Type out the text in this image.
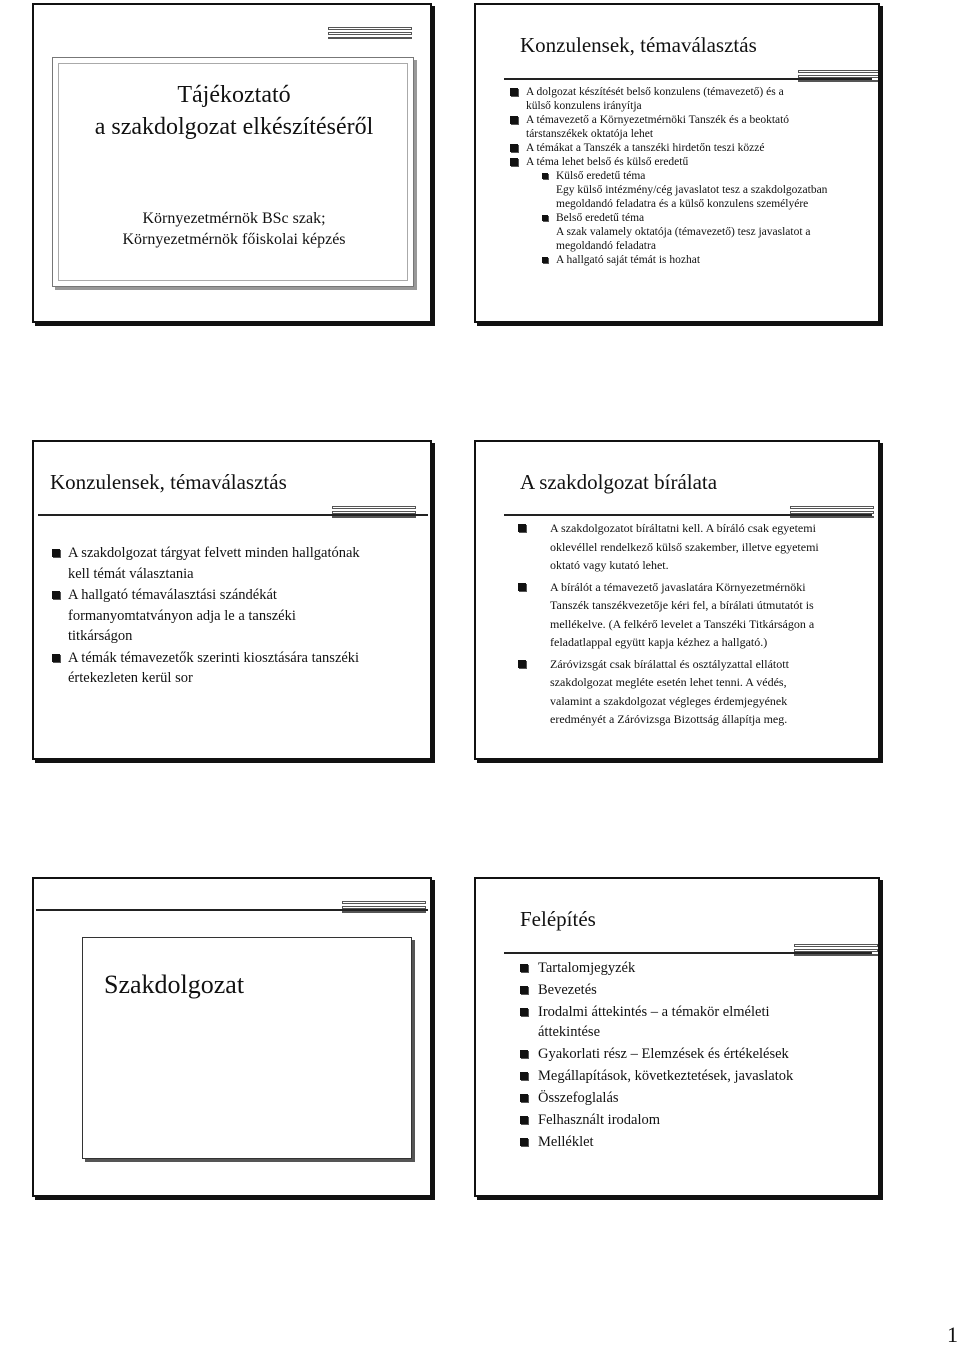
Tájékoztató
a szakdolgozat elkészítéséről
Környezetmérnök BSc szak;
Környezetmérnök főiskolai képzés
Konzulensek, témaválasztás
A dolgozat készítését belső konzulens (témavezető) és a
külső konzulens irányítja
A témavezető a Környezetmérnöki Tanszék és a beoktató
társtanszékek oktatója lehet
A témákat a Tanszék a tanszéki hirdetőn teszi közzé
A téma lehet belső és külső eredetű
Külső eredetű téma
Egy külső intézmény/cég javaslatot tesz a szakdolgozatban
megoldandó feladatra és a külső konzulens személyére
Belső eredetű téma
A szak valamely oktatója (témavezető) tesz javaslatot a
megoldandó feladatra
A hallgató saját témát is hozhat
Konzulensek, témaválasztás
A szakdolgozat tárgyat felvett minden hallgatónak
kell témát választania
A hallgató témaválasztási szándékát
formanyomtatványon adja le a tanszéki
titkárságon
A témák témavezetők szerinti kiosztására tanszéki
értekezleten kerül sor
A szakdolgozat bírálata
A szakdolgozatot bíráltatni kell. A bíráló csak egyetemi
oklevéllel rendelkező külső szakember, illetve egyetemi
oktató vagy kutató lehet.
A bírálót a témavezető javaslatára Környezetmérnöki
Tanszék tanszékvezetője kéri fel, a bírálati útmutatót is
mellékelve. (A felkérő levelet a Tanszéki Titkárságon a
feladatlappal együtt kapja kézhez a hallgató.)
Záróvizsgát csak bírálattal és osztályzattal ellátott
szakdolgozat megléte esetén lehet tenni. A védés,
valamint a szakdolgozat végleges érdemjegyének
eredményét a Záróvizsga Bizottság állapítja meg.
Szakdolgozat
Felépítés
Tartalomjegyzék
Bevezetés
Irodalmi áttekintés – a témakör elméleti
áttekintése
Gyakorlati rész – Elemzések és értékelések
Megállapítások, következtetések, javaslatok
Összefoglalás
Felhasznált irodalom
Melléklet
1
